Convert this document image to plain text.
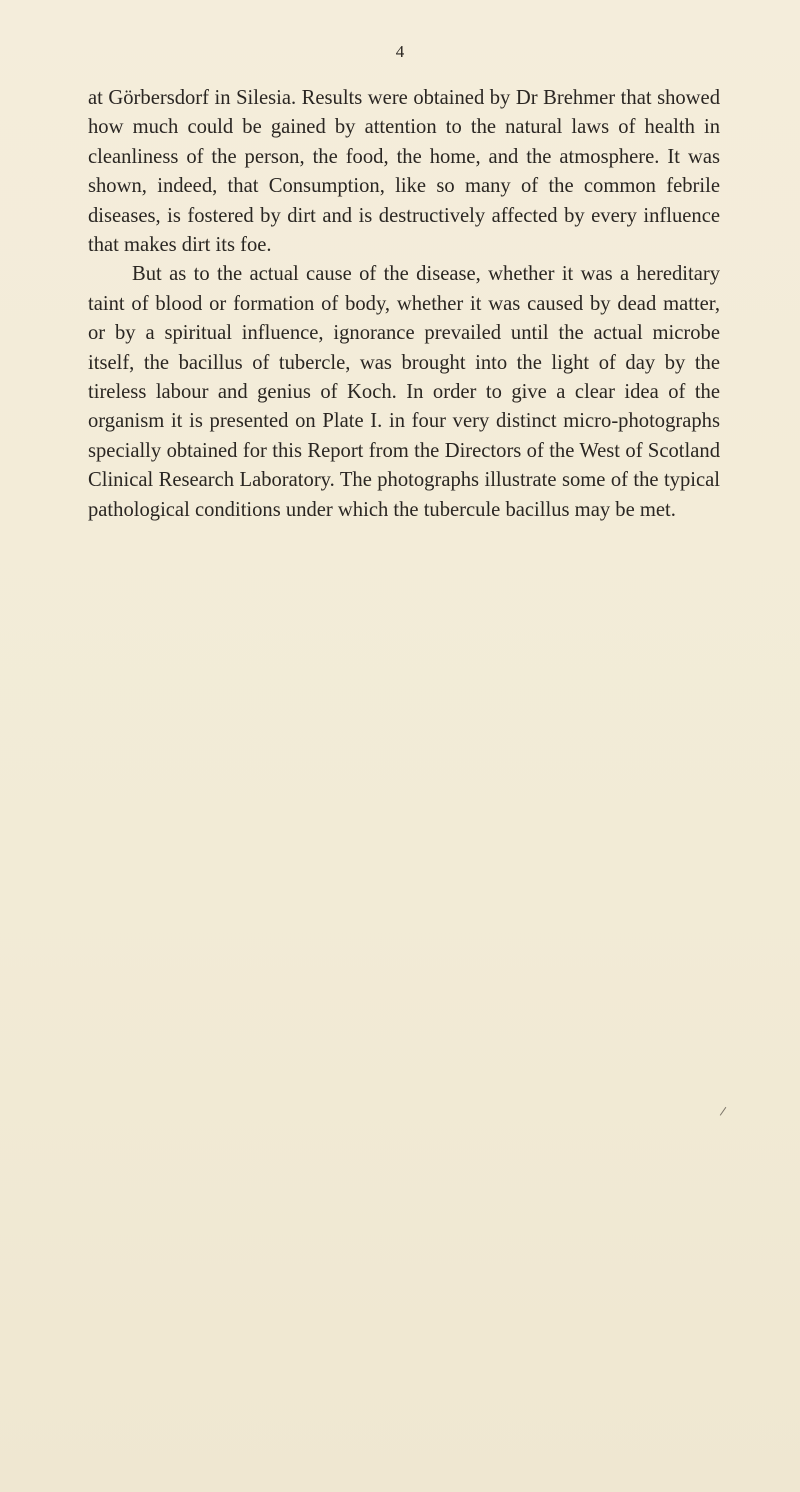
4

at Görbersdorf in Silesia. Results were obtained by Dr Brehmer that showed how much could be gained by attention to the natural laws of health in cleanliness of the person, the food, the home, and the atmosphere. It was shown, indeed, that Consumption, like so many of the common febrile diseases, is fostered by dirt and is destructively affected by every influence that makes dirt its foe.

But as to the actual cause of the disease, whether it was a hereditary taint of blood or formation of body, whether it was caused by dead matter, or by a spiritual influence, ignorance prevailed until the actual microbe itself, the bacillus of tubercle, was brought into the light of day by the tireless labour and genius of Koch. In order to give a clear idea of the organism it is presented on Plate I. in four very distinct micro-photographs specially obtained for this Report from the Directors of the West of Scotland Clinical Research Laboratory. The photographs illustrate some of the typical pathological conditions under which the tubercule bacillus may be met.
